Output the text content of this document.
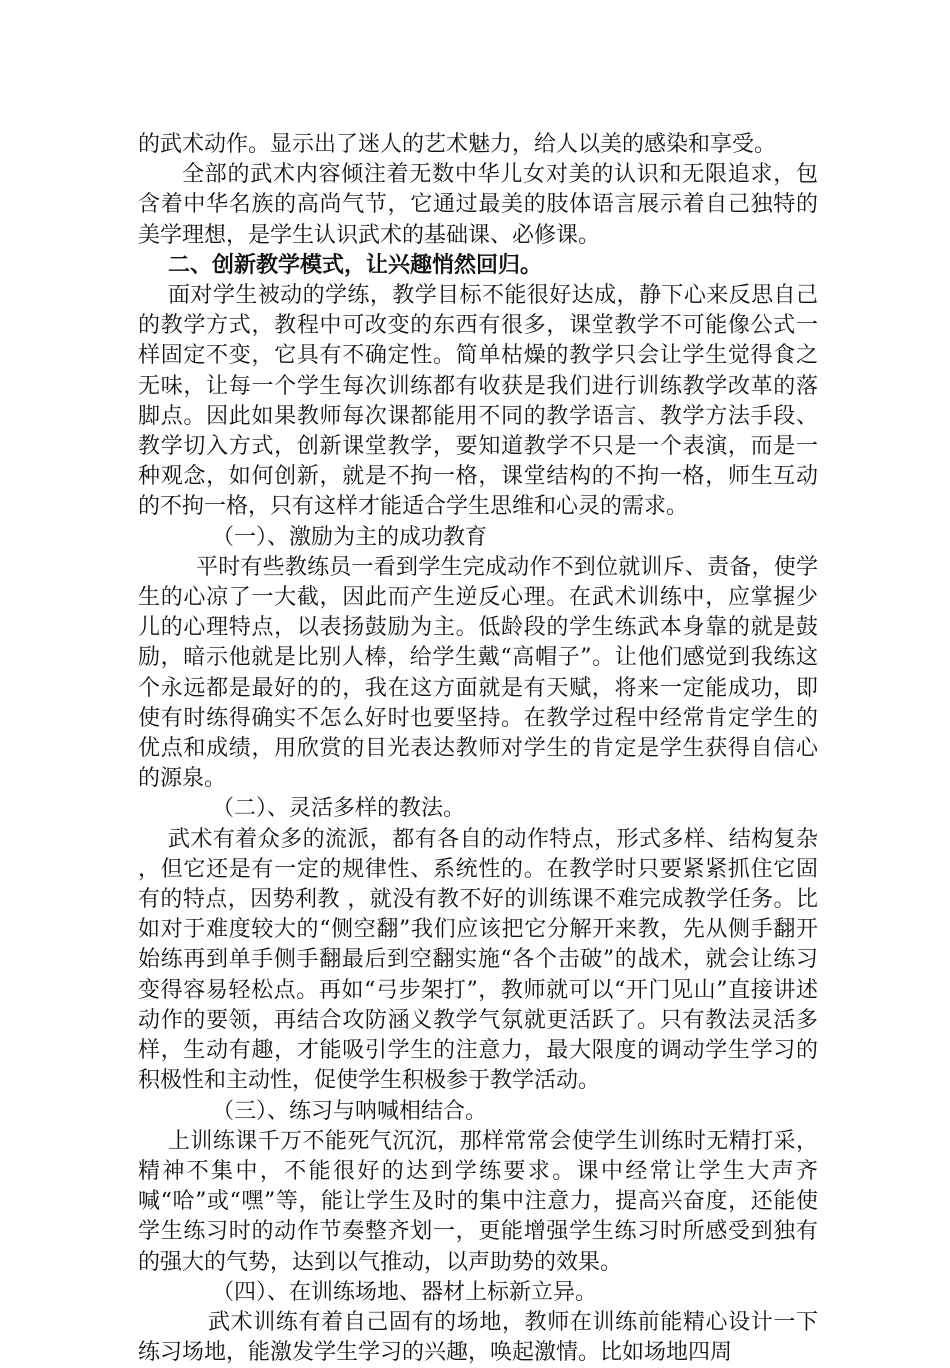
的武术动作。显示出了迷人的艺术魅力，给人以美的感染和享受。

全部的武术内容倾注着无数中华儿女对美的认识和无限追求，包含着中华名族的高尚气节，它通过最美的肢体语言展示着自己独特的美学理想，是学生认识武术的基础课、必修课。

二、创新教学模式，让兴趣悄然回归。

面对学生被动的学练，教学目标不能很好达成，静下心来反思自己的教学方式，教程中可改变的东西有很多，课堂教学不可能像公式一样固定不变，它具有不确定性。简单枯燥的教学只会让学生觉得食之无味，让每一个学生每次训练都有收获是我们进行训练教学改革的落脚点。因此如果教师每次课都能用不同的教学语言、教学方法手段、教学切入方式，创新课堂教学，要知道教学不只是一个表演，而是一种观念，如何创新，就是不拘一格，课堂结构的不拘一格，师生互动的不拘一格，只有这样才能适合学生思维和心灵的需求。

（一）、激励为主的成功教育

平时有些教练员一看到学生完成动作不到位就训斥、责备，使学生的心凉了一大截，因此而产生逆反心理。在武术训练中，应掌握少儿的心理特点，以表扬鼓励为主。低龄段的学生练武本身靠的就是鼓励，暗示他就是比别人棒，给学生戴“高帽子”。让他们感觉到我练这个永远都是最好的的，我在这方面就是有天赋，将来一定能成功，即使有时练得确实不怎么好时也要坚持。在教学过程中经常肯定学生的优点和成绩，用欣赏的目光表达教师对学生的肯定是学生获得自信心的源泉。

（二）、灵活多样的教法。

武术有着众多的流派，都有各自的动作特点，形式多样、结构复杂 ，但它还是有一定的规律性、系统性的。在教学时只要紧紧抓住它固有的特点，因势利教 ，就没有教不好的训练课不难完成教学任务。比如对于难度较大的“侧空翻”我们应该把它分解开来教，先从侧手翻开始练再到单手侧手翻最后到空翻实施“各个击破”的战术，就会让练习变得容易轻松点。再如“弓步架打”，教师就可以“开门见山”直接讲述动作的要领，再结合攻防涵义教学气氛就更活跃了。只有教法灵活多样，生动有趣，才能吸引学生的注意力，最大限度的调动学生学习的积极性和主动性，促使学生积极参于教学活动。

（三）、练习与呐喊相结合。

上训练课千万不能死气沉沉，那样常常会使学生训练时无精打采，精神不集中，不能很好的达到学练要求。课中经常让学生大声齐喊“哈”或“嘿”等，能让学生及时的集中注意力，提高兴奋度，还能使学生练习时的动作节奏整齐划一，更能增强学生练习时所感受到独有的强大的气势，达到以气推动，以声助势的效果。

（四）、在训练场地、器材上标新立异。

武术训练有着自己固有的场地，教师在训练前能精心设计一下练习场地，能激发学生学习的兴趣，唤起激情。比如场地四周
